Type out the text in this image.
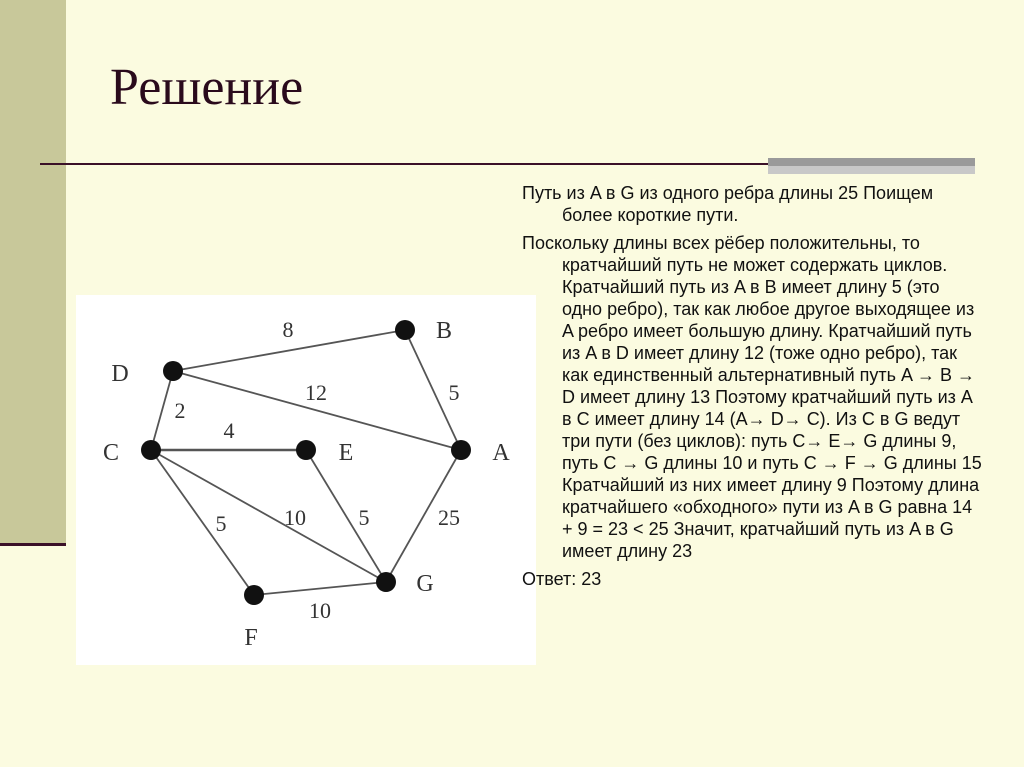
Решение
8
12	5
2
4
10
5	5	25
10
A
B
C
D
E
F
G

Путь из A в G из одного ребра длины 25 Поищем более короткие пути.

Поскольку длины всех рёбер положительны, то кратчайший путь не может содержать циклов. Кратчайший путь из A в B имеет длину 5 (это одно ребро), так как любое другое выходящее из A ребро имеет большую длину. Кратчайший путь из A в D имеет длину 12 (тоже одно ребро), так как единственный альтернативный путь A → B → D имеет длину 13 Поэтому кратчайший путь из A в C имеет длину 14 (A→ D→ C). Из C в G ведут три пути (без циклов): путь C→ E→ G длины 9, путь C → G длины 10 и путь C → F → G длины 15 Кратчайший из них имеет длину 9 Поэтому длина кратчайшего «обходного» пути из A в G равна 14 + 9 = 23 < 25 Значит, кратчайший путь из A в G имеет длину 23

Ответ: 23
